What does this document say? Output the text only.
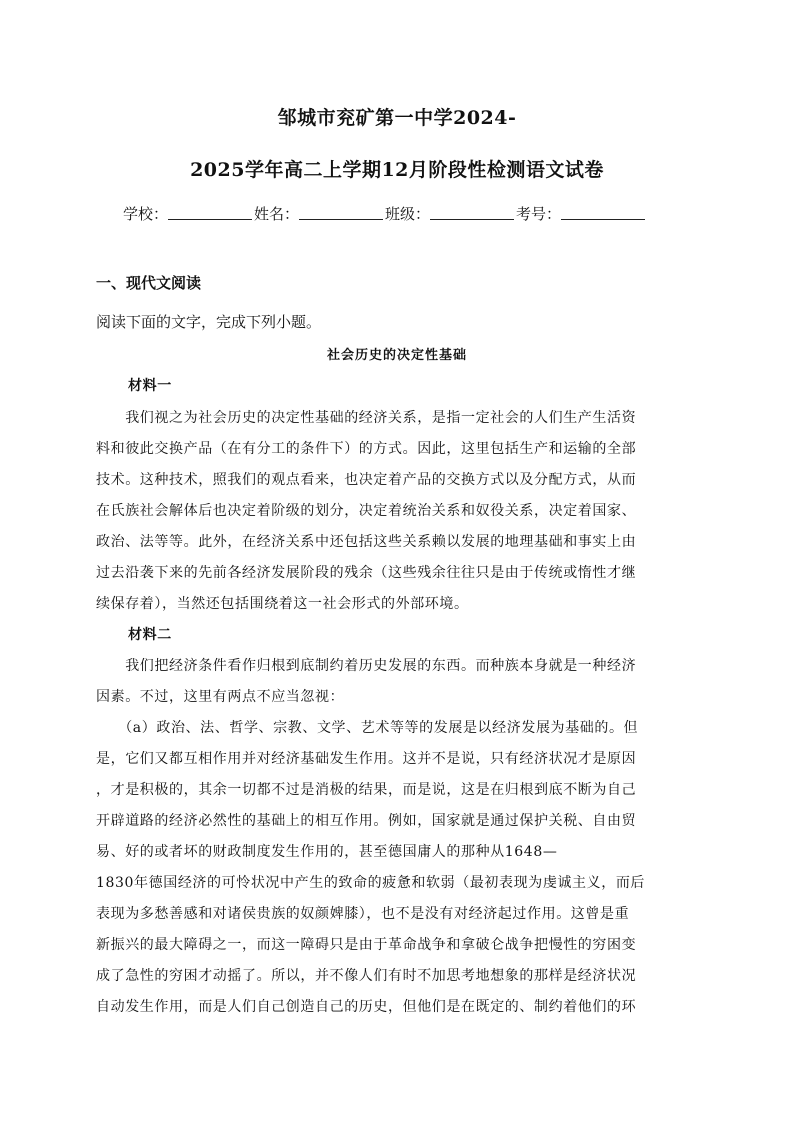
邹城市兖矿第一中学2024-
2025学年高二上学期12月阶段性检测语文试卷
学校：	姓名：	班级：	考号：
一、现代文阅读
阅读下面的文字，完成下列小题。
社会历史的决定性基础
材料一
　　我们视之为社会历史的决定性基础的经济关系，是指一定社会的人们生产生活资
料和彼此交换产品（在有分工的条件下）的方式。因此，这里包括生产和运输的全部
技术。这种技术，照我们的观点看来，也决定着产品的交换方式以及分配方式，从而
在氏族社会解体后也决定着阶级的划分，决定着统治关系和奴役关系，决定着国家、
政治、法等等。此外，在经济关系中还包括这些关系赖以发展的地理基础和事实上由
过去沿袭下来的先前各经济发展阶段的残余（这些残余往往只是由于传统或惰性才继
续保存着），当然还包括围绕着这一社会形式的外部环境。
材料二
　　我们把经济条件看作归根到底制约着历史发展的东西。而种族本身就是一种经济
因素。不过，这里有两点不应当忽视：
　　（a）政治、法、哲学、宗教、文学、艺术等等的发展是以经济发展为基础的。但
是，它们又都互相作用并对经济基础发生作用。这并不是说，只有经济状况才是原因
，才是积极的，其余一切都不过是消极的结果，而是说，这是在归根到底不断为自己
开辟道路的经济必然性的基础上的相互作用。例如，国家就是通过保护关税、自由贸
易、好的或者坏的财政制度发生作用的，甚至德国庸人的那种从1648—
1830年德国经济的可怜状况中产生的致命的疲惫和软弱（最初表现为虔诚主义，而后
表现为多愁善感和对诸侯贵族的奴颜婢膝），也不是没有对经济起过作用。这曾是重
新振兴的最大障碍之一，而这一障碍只是由于革命战争和拿破仑战争把慢性的穷困变
成了急性的穷困才动摇了。所以，并不像人们有时不加思考地想象的那样是经济状况
自动发生作用，而是人们自己创造自己的历史，但他们是在既定的、制约着他们的环
